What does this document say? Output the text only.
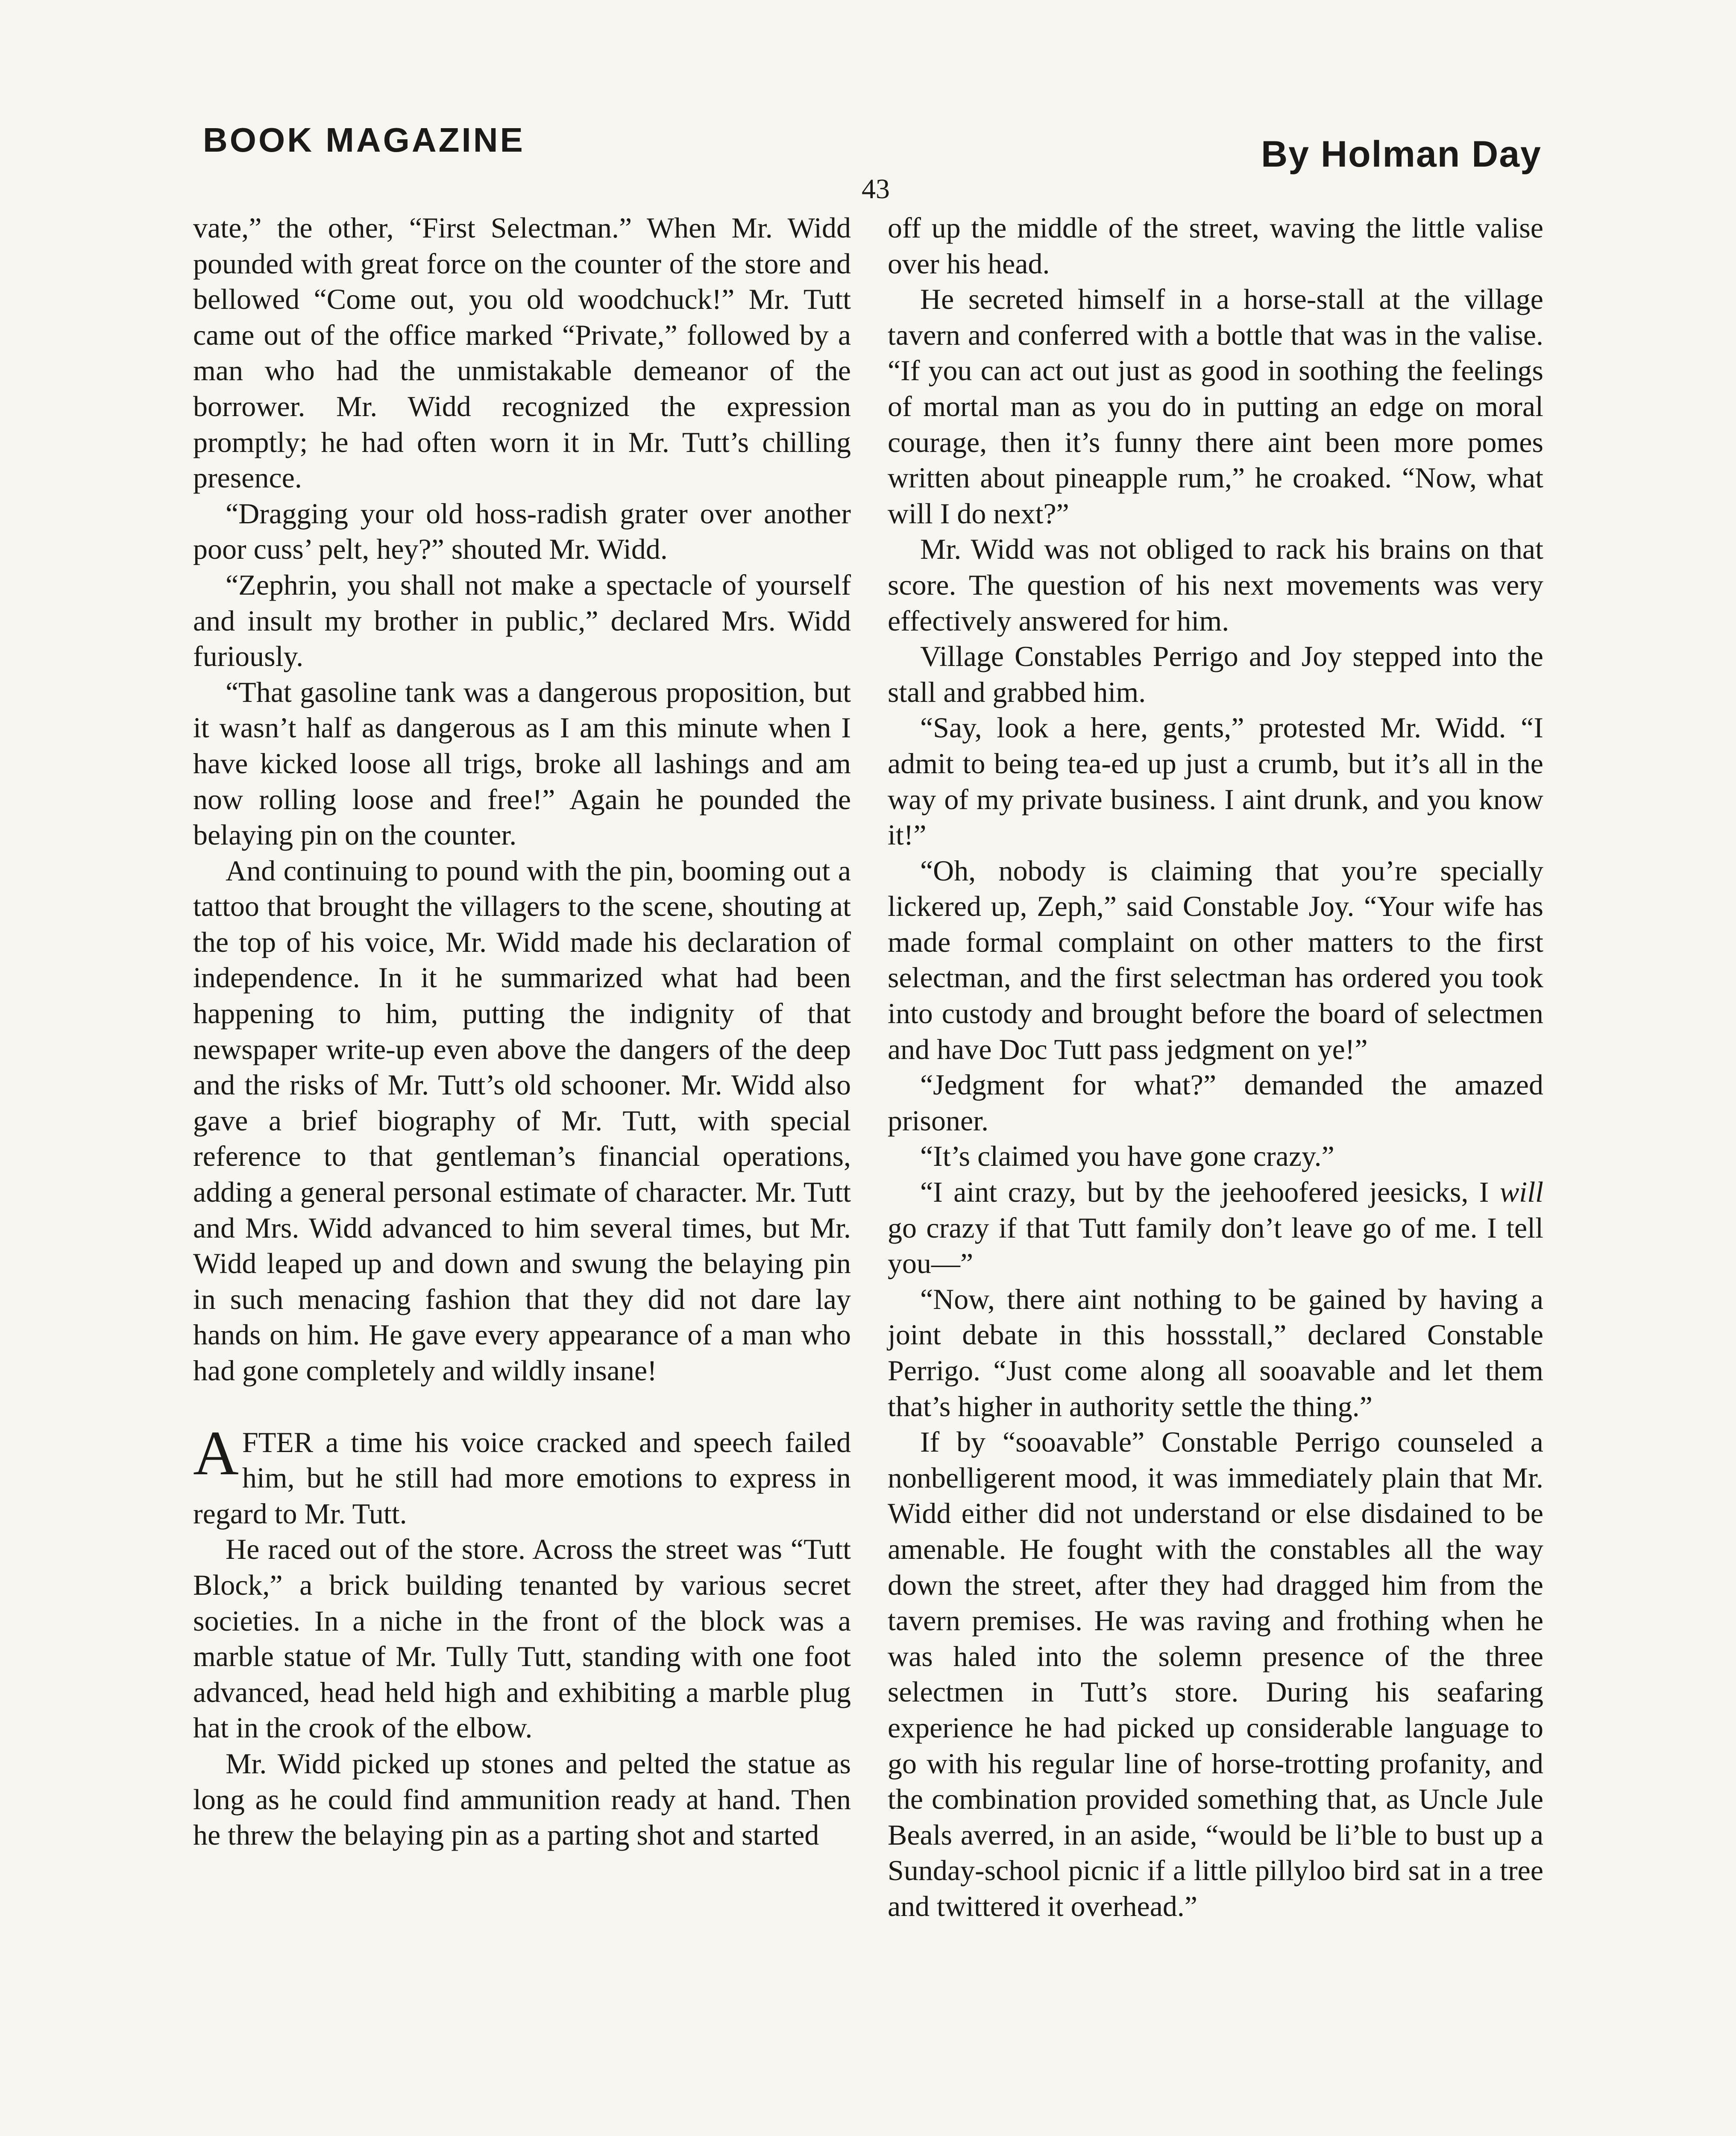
BOOK MAGAZINE	By Holman Day
43

vate,” the other, “First Selectman.” When Mr. Widd pounded with great force on the counter of the store and bellowed “Come out, you old woodchuck!” Mr. Tutt came out of the office marked “Private,” followed by a man who had the unmistakable demeanor of the borrower. Mr. Widd recognized the expression promptly; he had often worn it in Mr. Tutt’s chilling presence.

“Dragging your old hoss-radish grater over another poor cuss’ pelt, hey?” shouted Mr. Widd.

“Zephrin, you shall not make a spectacle of yourself and insult my brother in public,” declared Mrs. Widd furiously.

“That gasoline tank was a dangerous proposition, but it wasn’t half as dangerous as I am this minute when I have kicked loose all trigs, broke all lashings and am now rolling loose and free!” Again he pounded the belaying pin on the counter.

And continuing to pound with the pin, booming out a tattoo that brought the villagers to the scene, shouting at the top of his voice, Mr. Widd made his declaration of independence. In it he summarized what had been happening to him, putting the indignity of that newspaper write-up even above the dangers of the deep and the risks of Mr. Tutt’s old schooner. Mr. Widd also gave a brief biography of Mr. Tutt, with special reference to that gentleman’s financial operations, adding a general personal estimate of character. Mr. Tutt and Mrs. Widd advanced to him several times, but Mr. Widd leaped up and down and swung the belaying pin in such menacing fashion that they did not dare lay hands on him. He gave every appearance of a man who had gone completely and wildly insane!

AFTER a time his voice cracked and speech failed him, but he still had more emotions to express in regard to Mr. Tutt.

He raced out of the store. Across the street was “Tutt Block,” a brick building tenanted by various secret societies. In a niche in the front of the block was a marble statue of Mr. Tully Tutt, standing with one foot advanced, head held high and exhibiting a marble plug hat in the crook of the elbow.

Mr. Widd picked up stones and pelted the statue as long as he could find ammunition ready at hand. Then he threw the belaying pin as a parting shot and started

off up the middle of the street, waving the little valise over his head.

He secreted himself in a horse-stall at the village tavern and conferred with a bottle that was in the valise. “If you can act out just as good in soothing the feelings of mortal man as you do in putting an edge on moral courage, then it’s funny there aint been more pomes written about pineapple rum,” he croaked. “Now, what will I do next?”

Mr. Widd was not obliged to rack his brains on that score. The question of his next movements was very effectively answered for him.

Village Constables Perrigo and Joy stepped into the stall and grabbed him.

“Say, look a here, gents,” protested Mr. Widd. “I admit to being tea-ed up just a crumb, but it’s all in the way of my private business. I aint drunk, and you know it!”

“Oh, nobody is claiming that you’re specially lickered up, Zeph,” said Constable Joy. “Your wife has made formal complaint on other matters to the first selectman, and the first selectman has ordered you took into custody and brought before the board of selectmen and have Doc Tutt pass jedgment on ye!”

“Jedgment for what?” demanded the amazed prisoner.

“It’s claimed you have gone crazy.”

“I aint crazy, but by the jeehoofered jeesicks, I will go crazy if that Tutt family don’t leave go of me. I tell you—”

“Now, there aint nothing to be gained by having a joint debate in this hossstall,” declared Constable Perrigo. “Just come along all sooavable and let them that’s higher in authority settle the thing.”

If by “sooavable” Constable Perrigo counseled a nonbelligerent mood, it was immediately plain that Mr. Widd either did not understand or else disdained to be amenable. He fought with the constables all the way down the street, after they had dragged him from the tavern premises. He was raving and frothing when he was haled into the solemn presence of the three selectmen in Tutt’s store. During his seafaring experience he had picked up considerable language to go with his regular line of horse-trotting profanity, and the combination provided something that, as Uncle Jule Beals averred, in an aside, “would be li’ble to bust up a Sunday-school picnic if a little pillyloo bird sat in a tree and twittered it overhead.”
